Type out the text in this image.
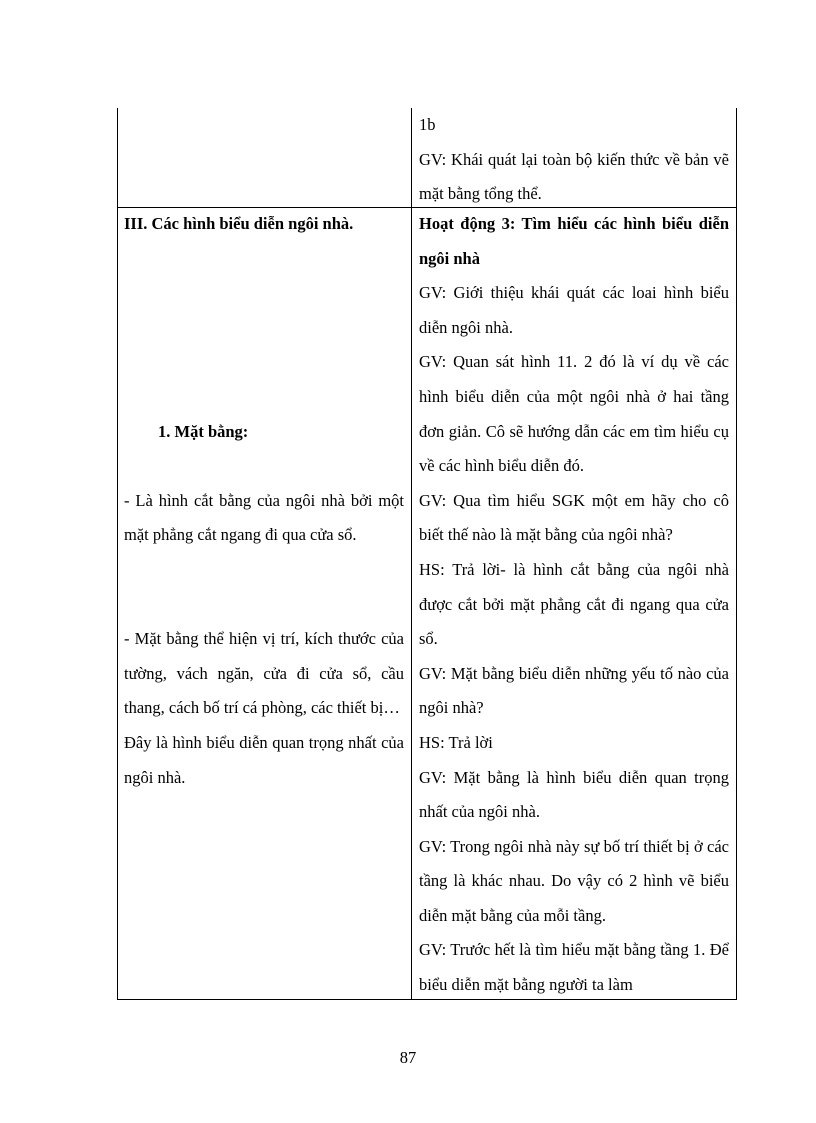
1b

GV: Khái quát lại toàn bộ kiến thức về bản vẽ mặt bằng tổng thể.

III. Các hình biểu diễn ngôi nhà.

1. Mặt bằng:

- Là hình cắt bằng của ngôi nhà bởi một mặt phẳng cắt ngang đi qua cửa sổ.

- Mặt bằng thể hiện vị trí, kích thước của tường, vách ngăn, cửa đi cửa sổ, cầu thang, cách bố trí cá phòng, các thiết bị…

Đây là hình biểu diễn quan trọng nhất của ngôi nhà.

Hoạt động 3: Tìm hiểu các hình biểu diễn ngôi nhà

GV: Giới thiệu khái quát các loai hình biểu diễn ngôi nhà.

GV: Quan sát hình 11. 2 đó là ví dụ về các hình biểu diễn của một ngôi nhà ở hai tầng đơn giản. Cô sẽ hướng dẫn các em tìm hiểu cụ về các hình biểu diễn đó.

GV: Qua tìm hiểu SGK một em hãy cho cô biết thế nào là mặt bằng của ngôi nhà?

HS: Trả lời- là hình cắt bằng của ngôi nhà được cắt bởi mặt phẳng cắt đi ngang qua cửa sổ.

GV: Mặt bằng biểu diễn những yếu tố nào của ngôi nhà?

HS: Trả lời

GV: Mặt bằng là hình biểu diễn quan trọng nhất của ngôi nhà.

GV: Trong ngôi nhà này sự bố trí thiết bị ở các tầng là khác nhau. Do vậy có 2 hình vẽ biểu diễn mặt bằng của mỗi tầng.

GV: Trước hết là tìm hiểu mặt bằng tầng 1. Để biểu diễn mặt bằng người ta làm

87
